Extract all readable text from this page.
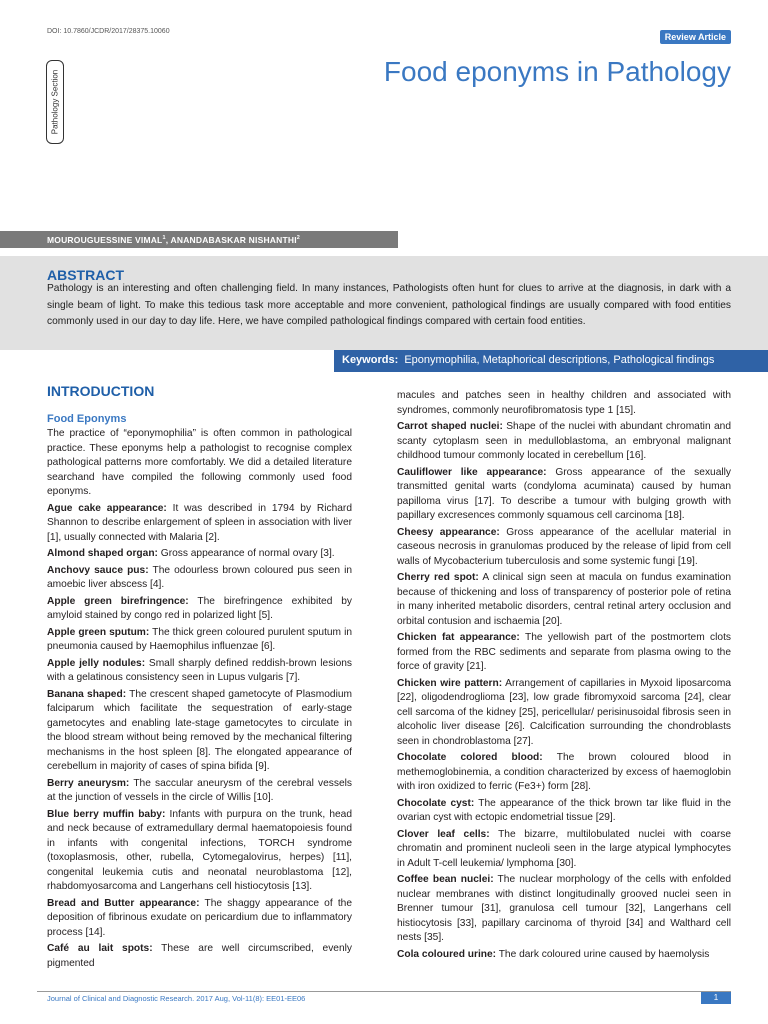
DOI: 10.7860/JCDR/2017/28375.10060
Review Article
Pathology Section	Food eponyms in Pathology
MOUROUGUESSINE VIMAL$^1$, ANANDABASKAR NISHANTHI$^2$
ABSTRACT
Pathology is an interesting and often challenging field. In many instances, Pathologists often hunt for clues to arrive at the diagnosis, in dark with a single beam of light. To make this tedious task more acceptable and more convenient, pathological findings are usually compared with food entities commonly used in our day to day life. Here, we have compiled pathological findings compared with certain food entities.
Keywords: Eponymophilia, Metaphorical descriptions, Pathological findings
INTRODUCTION
Food Eponyms

The practice of “eponymophilia” is often common in pathological practice. These eponyms help a pathologist to recognise complex pathological patterns more comfortably. We did a detailed literature searchand have compiled the following commonly used food eponyms.

Ague cake appearance: It was described in 1794 by Richard Shannon to describe enlargement of spleen in association with liver [1], usually connected with Malaria [2].

Almond shaped organ: Gross appearance of normal ovary [3].

Anchovy sauce pus: The odourless brown coloured pus seen in amoebic liver abscess [4].

Apple green birefringence: The birefringence exhibited by amyloid stained by congo red in polarized light [5].

Apple green sputum: The thick green coloured purulent sputum in pneumonia caused by Haemophilus influenzae [6].

Apple jelly nodules: Small sharply defined reddish-brown lesions with a gelatinous consistency seen in Lupus vulgaris [7].

Banana shaped: The crescent shaped gametocyte of Plasmodium falciparum which facilitate the sequestration of early-stage gametocytes and enabling late-stage gametocytes to circulate in the blood stream without being removed by the mechanical filtering mechanisms in the host spleen [8]. The elongated appearance of cerebellum in majority of cases of spina bifida [9].

Berry aneurysm: The saccular aneurysm of the cerebral vessels at the junction of vessels in the circle of Willis [10].

Blue berry muffin baby: Infants with purpura on the trunk, head and neck because of extramedullary dermal haematopoiesis found in infants with congenital infections, TORCH syndrome (toxoplasmosis, other, rubella, Cytomegalovirus, herpes) [11], congenital leukemia cutis and neonatal neuroblastoma [12], rhabdomyosarcoma and Langerhans cell histiocytosis [13].

Bread and Butter appearance: The shaggy appearance of the deposition of fibrinous exudate on pericardium due to inflammatory process [14].

Café au lait spots: These are well circumscribed, evenly pigmented

macules and patches seen in healthy children and associated with syndromes, commonly neurofibromatosis type 1 [15].

Carrot shaped nuclei: Shape of the nuclei with abundant chromatin and scanty cytoplasm seen in medulloblastoma, an embryonal malignant childhood tumour commonly located in cerebellum [16].

Cauliflower like appearance: Gross appearance of the sexually transmitted genital warts (condyloma acuminata) caused by human papilloma virus [17]. To describe a tumour with bulging growth with papillary excresences commonly squamous cell carcinoma [18].

Cheesy appearance: Gross appearance of the acellular material in caseous necrosis in granulomas produced by the release of lipid from cell walls of Mycobacterium tuberculosis and some systemic fungi [19].

Cherry red spot: A clinical sign seen at macula on fundus examination because of thickening and loss of transparency of posterior pole of retina in many inherited metabolic disorders, central retinal artery occlusion and orbital contusion and ischaemia [20].

Chicken fat appearance: The yellowish part of the postmortem clots formed from the RBC sediments and separate from plasma owing to the force of gravity [21].

Chicken wire pattern: Arrangement of capillaries in Myxoid liposarcoma [22], oligodendroglioma [23], low grade fibromyxoid sarcoma [24], clear cell sarcoma of the kidney [25], pericellular/ perisinusoidal fibrosis seen in alcoholic liver disease [26]. Calcification surrounding the chondroblasts seen in chondroblastoma [27].

Chocolate colored blood: The brown coloured blood in methemoglobinemia, a condition characterized by excess of haemoglobin with iron oxidized to ferric (Fe3+) form [28].

Chocolate cyst: The appearance of the thick brown tar like fluid in the ovarian cyst with ectopic endometrial tissue [29].

Clover leaf cells: The bizarre, multilobulated nuclei with coarse chromatin and prominent nucleoli seen in the large atypical lymphocytes in Adult T-cell leukemia/ lymphoma [30].

Coffee bean nuclei: The nuclear morphology of the cells with enfolded nuclear membranes with distinct longitudinally grooved nuclei seen in Brenner tumour [31], granulosa cell tumour [32], Langerhans cell histiocytosis [33], papillary carcinoma of thyroid [34] and Walthard cell nests [35].

Cola coloured urine: The dark coloured urine caused by haemolysis

Journal of Clinical and Diagnostic Research. 2017 Aug, Vol-11(8): EE01-EE06	1
